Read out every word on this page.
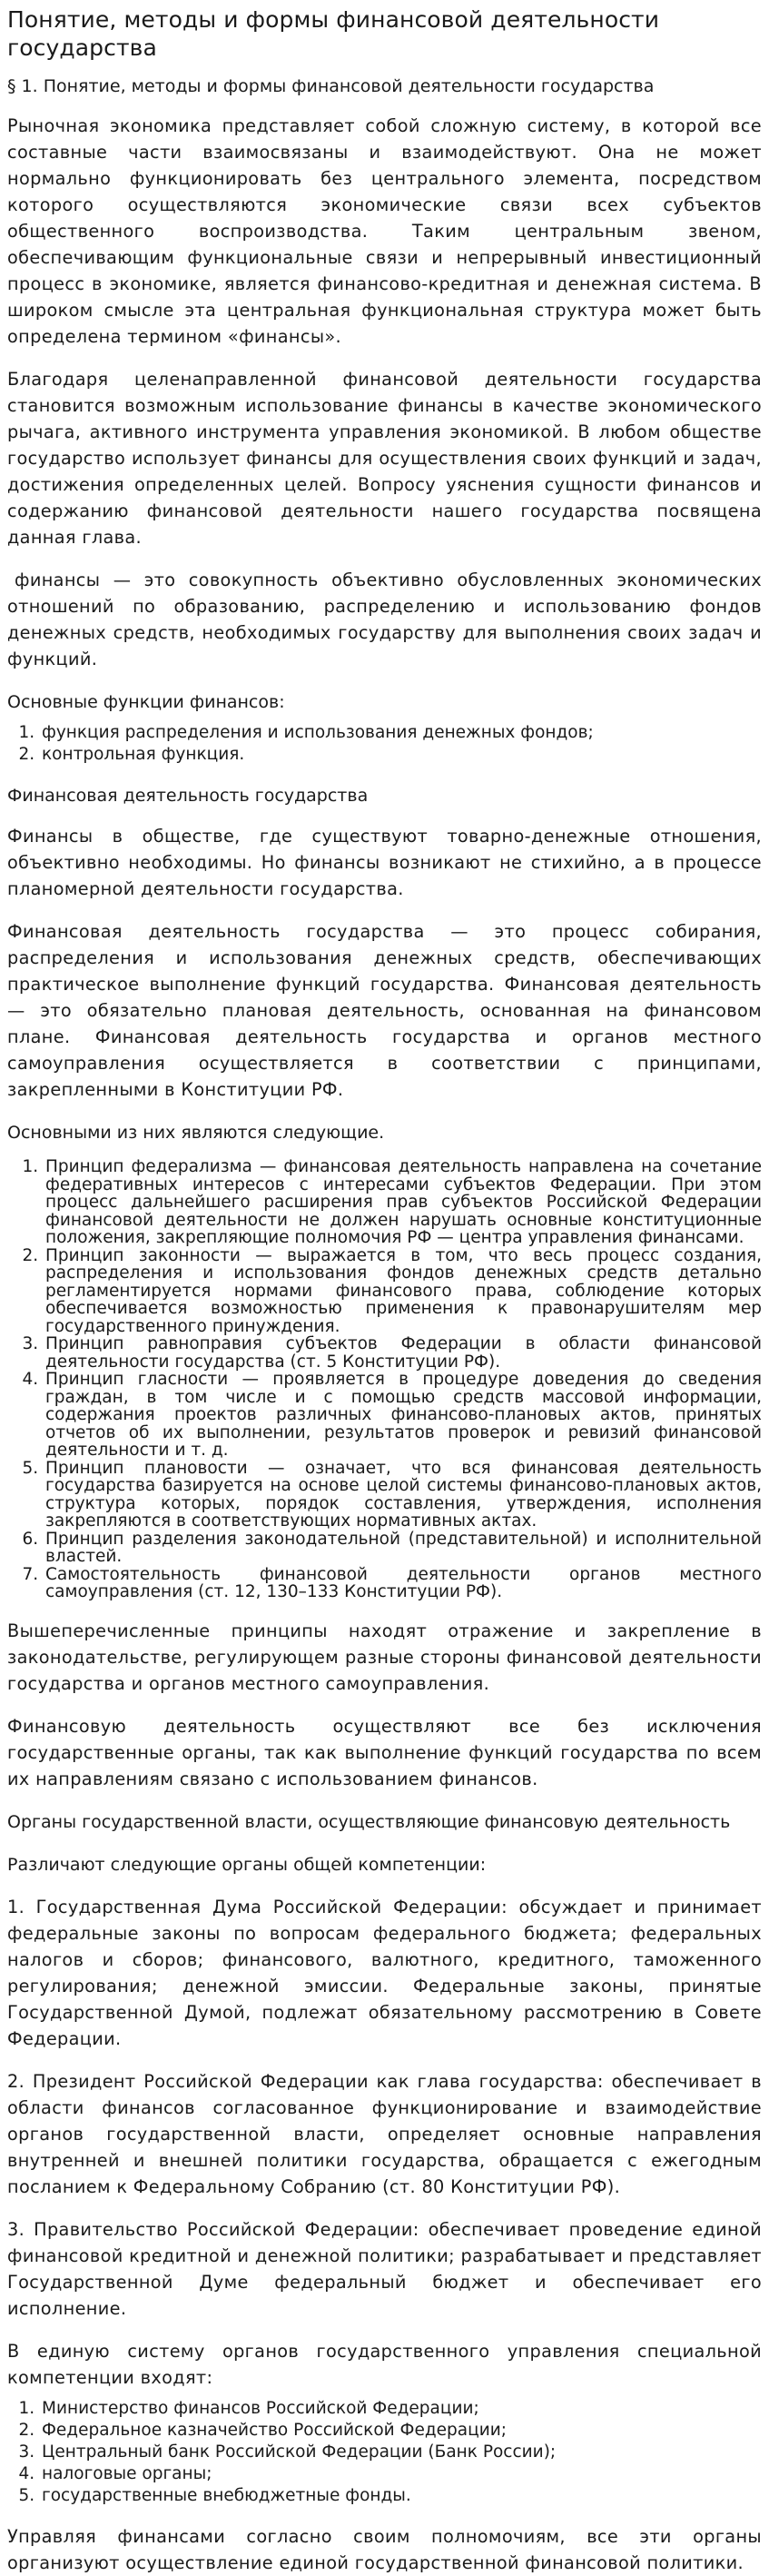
Понятие, методы и формы финансовой деятельности государства
§ 1. Понятие, методы и формы финансовой деятельности государства

Рыночная экономика представляет собой сложную систему, в которой все составные части взаимосвязаны и взаимодействуют. Она не может нормально функционировать без центрального элемента, посредством которого осуществляются экономические связи всех субъектов общественного воспроизводства. Таким центральным звеном, обеспечивающим функциональные связи и непрерывный инвестиционный процесс в экономике, является финансово-кредитная и денежная система. В широком смысле эта центральная функциональная структура может быть определена термином «финансы».

Благодаря целенаправленной финансовой деятельности государства становится возможным использование финансы в качестве экономического рычага, активного инструмента управления экономикой. В любом обществе государство использует финансы для осуществления своих функций и задач, достижения определенных целей. Вопросу уяснения сущности финансов и содержанию финансовой деятельности нашего государства посвящена данная глава.

финансы — это совокупность объективно обусловленных экономических отношений по образованию, распределению и использованию фондов денежных средств, необходимых государству для выполнения своих задач и функций.

Основные функции финансов:

1. функция распределения и использования денежных фондов;
2. контрольная функция.

Финансовая деятельность государства

Финансы в обществе, где существуют товарно-денежные отношения, объективно необходимы. Но финансы возникают не стихийно, а в процессе планомерной деятельности государства.

Финансовая деятельность государства — это процесс собирания, распределения и использования денежных средств, обеспечивающих практическое выполнение функций государства. Финансовая деятельность — это обязательно плановая деятельность, основанная на финансовом плане. Финансовая деятельность государства и органов местного самоуправления осуществляется в соответствии с принципами, закрепленными в Конституции РФ.

Основными из них являются следующие.

1. Принцип федерализма — финансовая деятельность направлена на сочетание федеративных интересов с интересами субъектов Федерации. При этом процесс дальнейшего расширения прав субъектов Российской Федерации финансовой деятельности не должен нарушать основные конституционные положения, закрепляющие полномочия РФ — центра управления финансами.
2. Принцип законности — выражается в том, что весь процесс создания, распределения и использования фондов денежных средств детально регламентируется нормами финансового права, соблюдение которых обеспечивается возможностью применения к правонарушителям мер государственного принуждения.
3. Принцип равноправия субъектов Федерации в области финансовой деятельности государства (ст. 5 Конституции РФ).
4. Принцип гласности — проявляется в процедуре доведения до сведения граждан, в том числе и с помощью средств массовой информации, содержания проектов различных финансово-плановых актов, принятых отчетов об их выполнении, результатов проверок и ревизий финансовой деятельности и т. д.
5. Принцип плановости — означает, что вся финансовая деятельность государства базируется на основе целой системы финансово-плановых актов, структура которых, порядок составления, утверждения, исполнения закрепляются в соответствующих нормативных актах.
6. Принцип разделения законодательной (представительной) и исполнительной властей.
7. Самостоятельность финансовой деятельности органов местного самоуправления (ст. 12, 130–133 Конституции РФ).

Вышеперечисленные принципы находят отражение и закрепление в законодательстве, регулирующем разные стороны финансовой деятельности государства и органов местного самоуправления.

Финансовую деятельность осуществляют все без исключения государственные органы, так как выполнение функций государства по всем их направлениям связано с использованием финансов.

Органы государственной власти, осуществляющие финансовую деятельность

Различают следующие органы общей компетенции:

1. Государственная Дума Российской Федерации: обсуждает и принимает федеральные законы по вопросам федерального бюджета; федеральных налогов и сборов; финансового, валютного, кредитного, таможенного регулирования; денежной эмиссии. Федеральные законы, принятые Государственной Думой, подлежат обязательному рассмотрению в Совете Федерации.

2. Президент Российской Федерации как глава государства: обеспечивает в области финансов согласованное функционирование и взаимодействие органов государственной власти, определяет основные направления внутренней и внешней политики государства, обращается с ежегодным посланием к Федеральному Собранию (ст. 80 Конституции РФ).

3. Правительство Российской Федерации: обеспечивает проведение единой финансовой кредитной и денежной политики; разрабатывает и представляет Государственной Думе федеральный бюджет и обеспечивает его исполнение.

В единую систему органов государственного управления специальной компетенции входят:

1. Министерство финансов Российской Федерации;
2. Федеральное казначейство Российской Федерации;
3. Центральный банк Российской Федерации (Банк России);
4. налоговые органы;
5. государственные внебюджетные фонды.

Управляя финансами согласно своим полномочиям, все эти органы организуют осуществление единой государственной финансовой политики.
